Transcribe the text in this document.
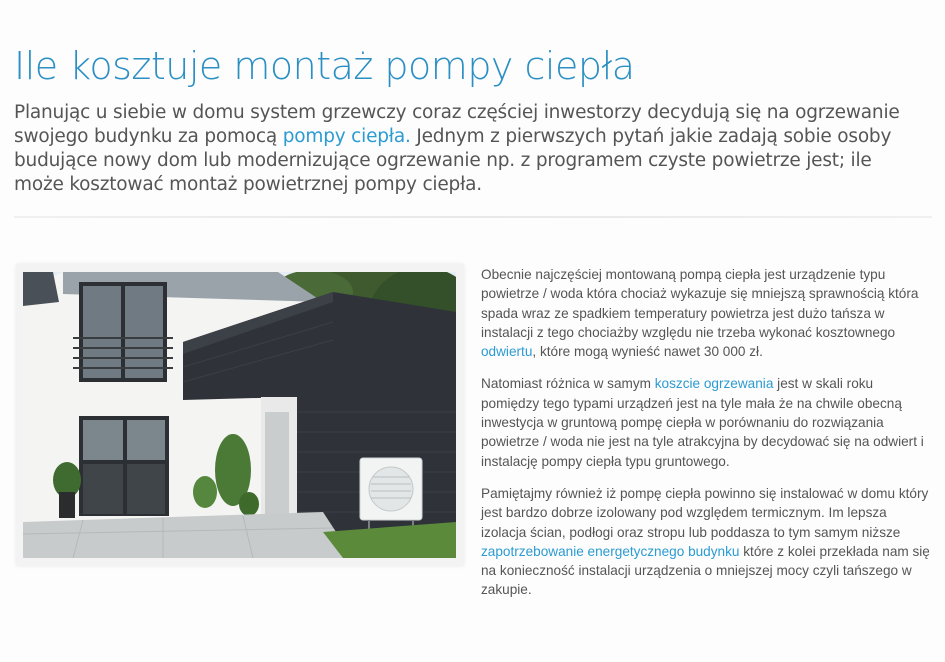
Ile kosztuje montaż pompy ciepła

Planując u siebie w domu system grzewczy coraz częściej inwestorzy decydują się na ogrzewanie swojego budynku za pomocą pompy ciepła. Jednym z pierwszych pytań jakie zadają sobie osoby budujące nowy dom lub modernizujące ogrzewanie np. z programem czyste powietrze jest; ile może kosztować montaż powietrznej pompy ciepła.

Obecnie najczęściej montowaną pompą ciepła jest urządzenie typu powietrze / woda która chociaż wykazuje się mniejszą sprawnością która spada wraz ze spadkiem temperatury powietrza jest dużo tańsza w instalacji z tego chociażby względu nie trzeba wykonać kosztownego odwiertu, które mogą wynieść nawet 30 000 zł.

Natomiast różnica w samym koszcie ogrzewania jest w skali roku pomiędzy tego typami urządzeń jest na tyle mała że na chwile obecną inwestycja w gruntową pompę ciepła w porównaniu do rozwiązania powietrze / woda nie jest na tyle atrakcyjna by decydować się na odwiert i instalację pompy ciepła typu gruntowego.

Pamiętajmy również iż pompę ciepła powinno się instalować w domu który jest bardzo dobrze izolowany pod względem termicznym. Im lepsza izolacja ścian, podłogi oraz stropu lub poddasza to tym samym niższe zapotrzebowanie energetycznego budynku które z kolei przekłada nam się na konieczność instalacji urządzenia o mniejszej mocy czyli tańszego w zakupie.
